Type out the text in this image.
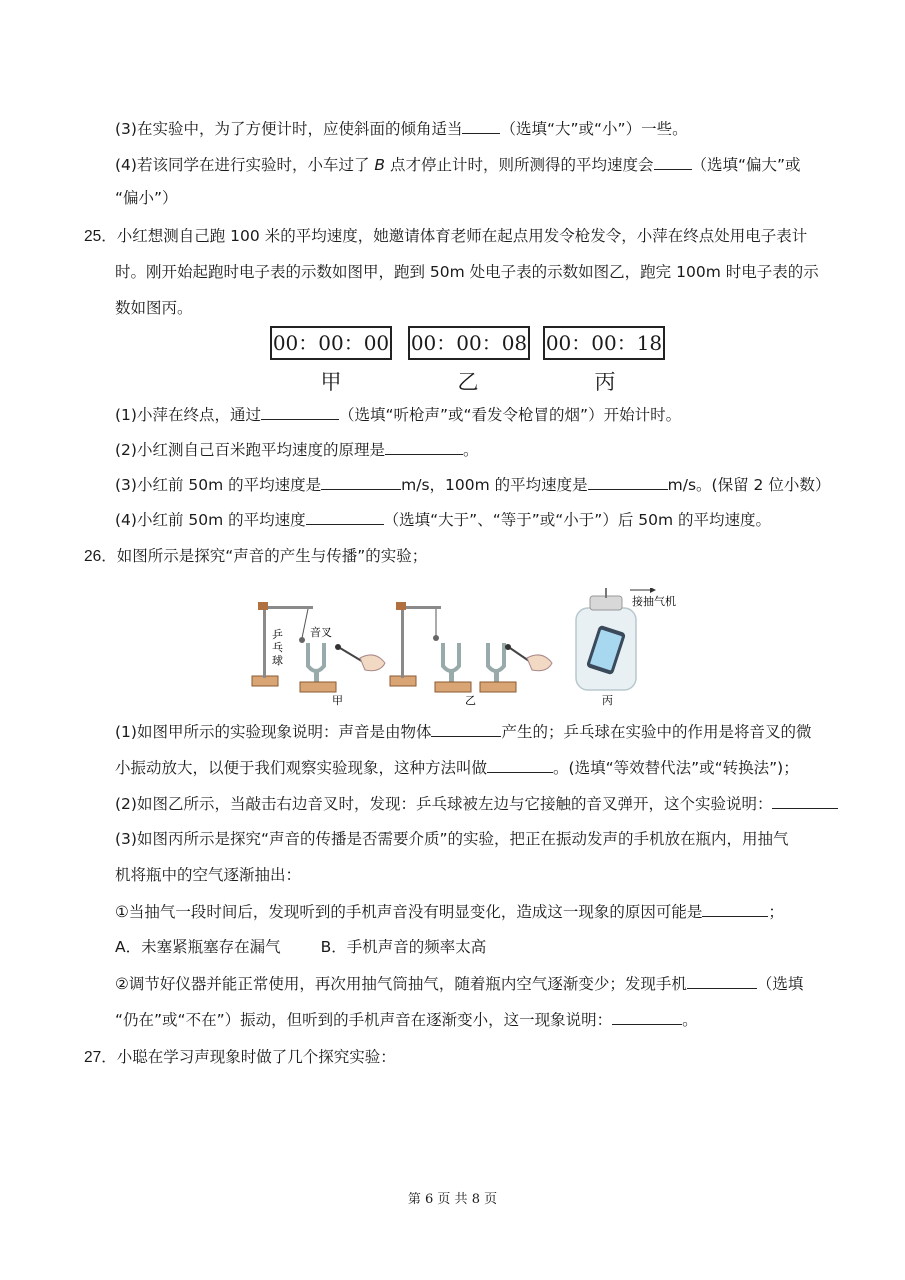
(3)在实验中，为了方便计时，应使斜面的倾角适当 （选填“大”或“小”）一些。
(4)若该同学在进行实验时，小车过了 B 点才停止计时，则所测得的平均速度会 （选填“偏大”或
“偏小”）
25．小红想测自己跑 100 米的平均速度，她邀请体育老师在起点用发令枪发令，小萍在终点处用电子表计
时。刚开始起跑时电子表的示数如图甲，跑到 50m 处电子表的示数如图乙，跑完 100m 时电子表的示
数如图丙。
00：00：00 00：00：08 00：00：18
甲	乙	丙
(1)小萍在终点，通过	（选填“听枪声”或“看发令枪冒的烟”）开始计时。
(2)小红测自己百米跑平均速度的原理是	。
(3)小红前 50m 的平均速度是	m/s，100m 的平均速度是	m/s。(保留 2 位小数）
(4)小红前 50m 的平均速度	（选填“大于”、“等于”或“小于”）后 50m 的平均速度。
26．如图所示是探究“声音的产生与传播”的实验；
乒 乓 球
音叉
甲	乙
接抽气机
丙
(1)如图甲所示的实验现象说明：声音是由物体	产生的；乒乓球在实验中的作用是将音叉的微
小振动放大，以便于我们观察实验现象，这种方法叫做	。(选填“等效替代法”或“转换法”)；
(2)如图乙所示，当敲击右边音叉时，发现：乒乓球被左边与它接触的音叉弹开，这个实验说明：
(3)如图丙所示是探究“声音的传播是否需要介质”的实验，把正在振动发声的手机放在瓶内，用抽气
机将瓶中的空气逐渐抽出：
①当抽气一段时间后，发现听到的手机声音没有明显变化，造成这一现象的原因可能是	；
A．未塞紧瓶塞存在漏气	B．手机声音的频率太高
②调节好仪器并能正常使用，再次用抽气筒抽气，随着瓶内空气逐渐变少；发现手机	（选填
“仍在”或“不在”）振动，但听到的手机声音在逐渐变小，这一现象说明：	。
27．小聪在学习声现象时做了几个探究实验：
第 6 页 共 8 页
